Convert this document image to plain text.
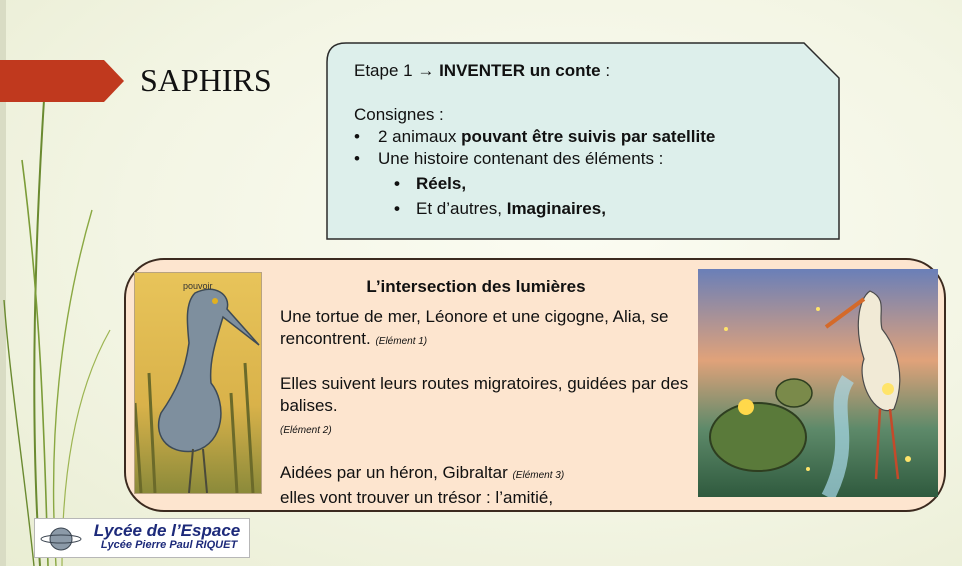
SAPHIRS	Etape 1 → INVENTER un conte :
Consignes :
• 2 animaux pouvant être suivis par satellite
• Une histoire contenant des éléments :
• Réels,
• Et d’autres, Imaginaires,
pouvoir	L’intersection des lumières

Une tortue de mer, Léonore et une cigogne, Alia, se rencontrent. (Elément 1)

Elles suivent leurs routes migratoires, guidées par des balises.
(Elément 2)

Aidées par un héron, Gibraltar (Elément 3)
elles vont trouver un trésor : l’amitié,

Lycée de l’Espace
Lycée Pierre Paul RIQUET
